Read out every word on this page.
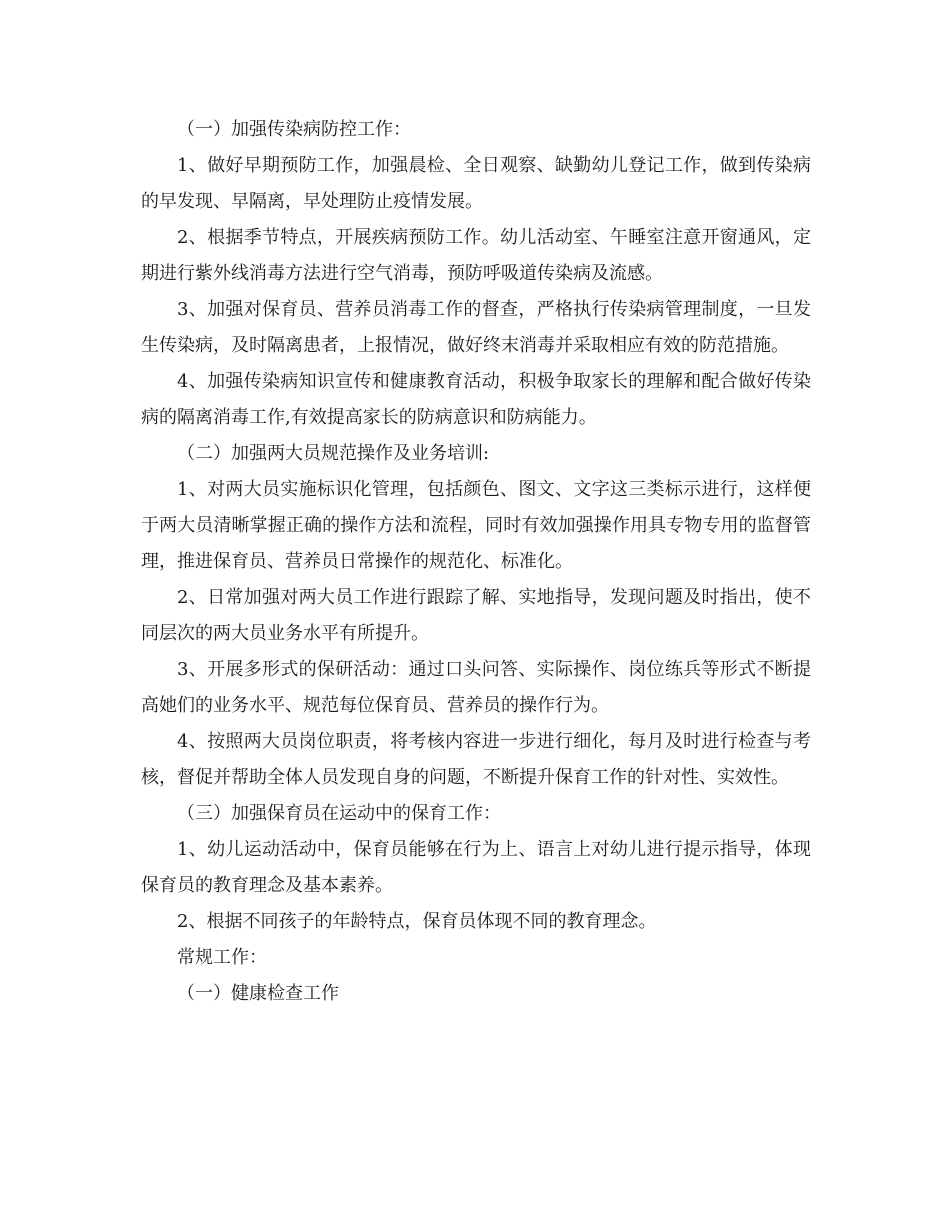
（一）加强传染病防控工作：

1、做好早期预防工作，加强晨检、全日观察、缺勤幼儿登记工作，做到传染病的早发现、早隔离，早处理防止疫情发展。

2、根据季节特点，开展疾病预防工作。幼儿活动室、午睡室注意开窗通风，定期进行紫外线消毒方法进行空气消毒，预防呼吸道传染病及流感。

3、加强对保育员、营养员消毒工作的督查，严格执行传染病管理制度，一旦发生传染病，及时隔离患者，上报情况，做好终末消毒并采取相应有效的防范措施。

4、加强传染病知识宣传和健康教育活动，积极争取家长的理解和配合做好传染病的隔离消毒工作,有效提高家长的防病意识和防病能力。

（二）加强两大员规范操作及业务培训:

1、对两大员实施标识化管理，包括颜色、图文、文字这三类标示进行，这样便于两大员清晰掌握正确的操作方法和流程，同时有效加强操作用具专物专用的监督管理，推进保育员、营养员日常操作的规范化、标准化。

2、日常加强对两大员工作进行跟踪了解、实地指导，发现问题及时指出，使不同层次的两大员业务水平有所提升。

3、开展多形式的保研活动：通过口头问答、实际操作、岗位练兵等形式不断提高她们的业务水平、规范每位保育员、营养员的操作行为。

4、按照两大员岗位职责，将考核内容进一步进行细化，每月及时进行检查与考核，督促并帮助全体人员发现自身的问题，不断提升保育工作的针对性、实效性。

（三）加强保育员在运动中的保育工作：

1、幼儿运动活动中，保育员能够在行为上、语言上对幼儿进行提示指导，体现保育员的教育理念及基本素养。

2、根据不同孩子的年龄特点，保育员体现不同的教育理念。

常规工作：

（一）健康检查工作
